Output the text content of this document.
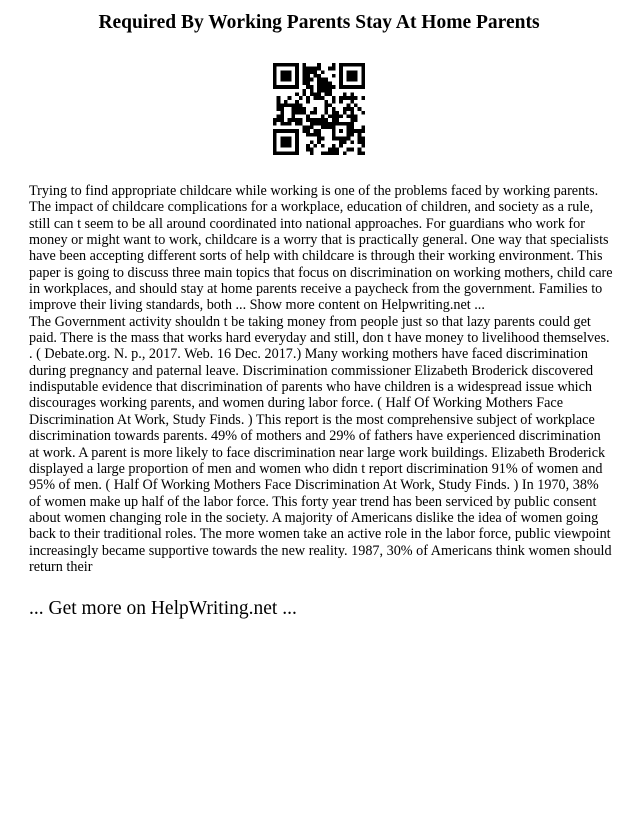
Required By Working Parents Stay At Home Parents
Trying to find appropriate childcare while working is one of the problems faced by working parents.
The impact of childcare complications for a workplace, education of children, and society as a rule,
still can t seem to be all around coordinated into national approaches. For guardians who work for
money or might want to work, childcare is a worry that is practically general. One way that specialists
have been accepting different sorts of help with childcare is through their working environment. This
paper is going to discuss three main topics that focus on discrimination on working mothers, child care
in workplaces, and should stay at home parents receive a paycheck from the government. Families to
improve their living standards, both ... Show more content on Helpwriting.net ...
The Government activity shouldn t be taking money from people just so that lazy parents could get
paid. There is the mass that works hard everyday and still, don t have money to livelihood themselves.
. ( Debate.org. N. p., 2017. Web. 16 Dec. 2017.) Many working mothers have faced discrimination
during pregnancy and paternal leave. Discrimination commissioner Elizabeth Broderick discovered
indisputable evidence that discrimination of parents who have children is a widespread issue which
discourages working parents, and women during labor force. ( Half Of Working Mothers Face
Discrimination At Work, Study Finds. ) This report is the most comprehensive subject of workplace
discrimination towards parents. 49% of mothers and 29% of fathers have experienced discrimination
at work. A parent is more likely to face discrimination near large work buildings. Elizabeth Broderick
displayed a large proportion of men and women who didn t report discrimination 91% of women and
95% of men. ( Half Of Working Mothers Face Discrimination At Work, Study Finds. ) In 1970, 38%
of women make up half of the labor force. This forty year trend has been serviced by public consent
about women changing role in the society. A majority of Americans dislike the idea of women going
back to their traditional roles. The more women take an active role in the labor force, public viewpoint
increasingly became supportive towards the new reality. 1987, 30% of Americans think women should
return their

... Get more on HelpWriting.net ...
